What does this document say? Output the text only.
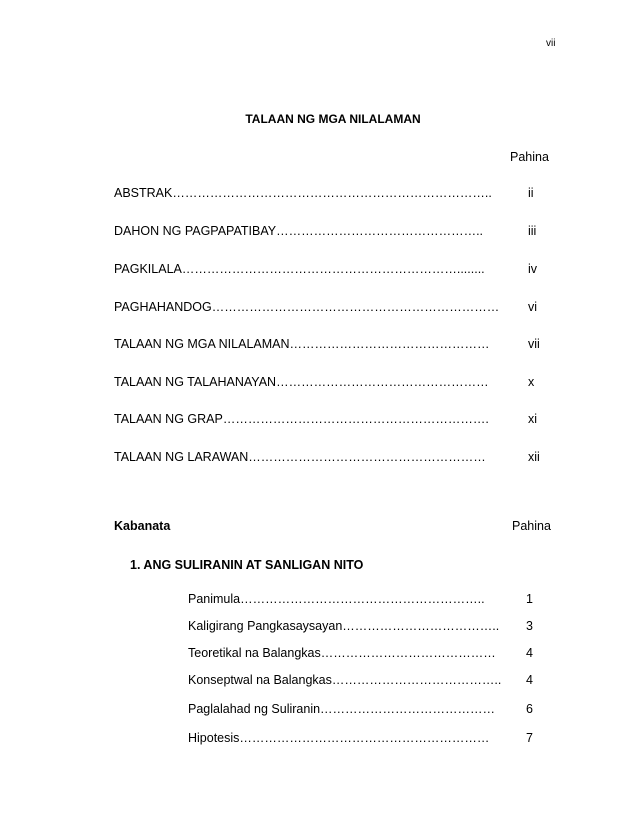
vii
TALAAN NG MGA NILALAMAN
Pahina
ABSTRAK…………………………………………………………………..	ii
DAHON NG PAGPAPATIBAY…………………………………………..	iii
PAGKILALA…………………………………………………………........	iv
PAGHAHANDOG…………………………………………………………… vi
TALAAN NG MGA NILALAMAN…………………………………………	vii
TALAAN NG TALAHANAYAN……………………………………………	x
TALAAN NG GRAP……………………………………………………….	xi
TALAAN NG LARAWAN…………………………………………………	xii
Kabanata	Pahina
1. ANG SULIRANIN AT SANLIGAN NITO
Panimula…………………………………………………..	1
Kaligirang Pangkasaysayan……………………………….. 3
Teoretikal na Balangkas…………………………………… 4
Konseptwal na Balangkas………………………………….. 4
Paglalahad ng Suliranin…………………………………… 6
Hipotesis……………………………………………………	7
